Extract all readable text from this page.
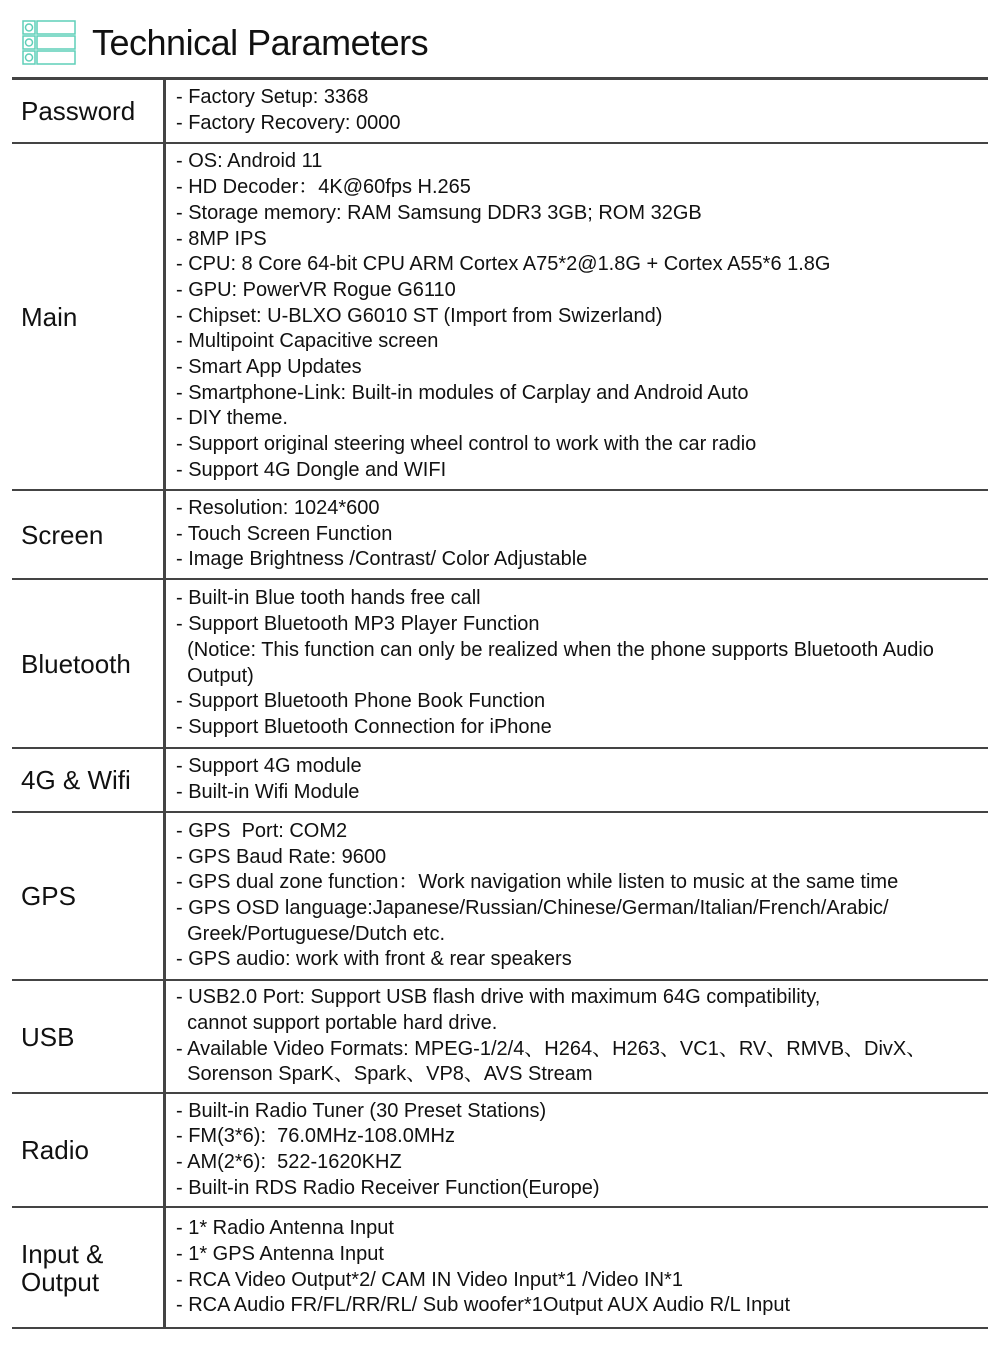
Technical Parameters
Password	- Factory Setup: 3368
- Factory Recovery: 0000
Main
- OS: Android 11
- HD Decoder：4K@60fps H.265
- Storage memory: RAM Samsung DDR3 3GB; ROM 32GB
- 8MP IPS
- CPU: 8 Core 64-bit CPU ARM Cortex A75*2@1.8G + Cortex A55*6 1.8G
- GPU: PowerVR Rogue G6110
- Chipset: U-BLXO G6010 ST (Import from Swizerland)
- Multipoint Capacitive screen
- Smart App Updates
- Smartphone-Link: Built-in modules of Carplay and Android Auto
- DIY theme.
- Support original steering wheel control to work with the car radio
- Support 4G Dongle and WIFI
Screen
- Resolution: 1024*600
- Touch Screen Function
- Image Brightness /Contrast/ Color Adjustable
Bluetooth
- Built-in Blue tooth hands free call
- Support Bluetooth MP3 Player Function
(Notice: This function can only be realized when the phone supports Bluetooth Audio
Output)
- Support Bluetooth Phone Book Function
- Support Bluetooth Connection for iPhone
4G & Wifi	- Support 4G module
- Built-in Wifi Module
GPS
- GPS  Port: COM2
- GPS Baud Rate: 9600
- GPS dual zone function：Work navigation while listen to music at the same time
- GPS OSD language:Japanese/Russian/Chinese/German/Italian/French/Arabic/
Greek/Portuguese/Dutch etc.
- GPS audio: work with front & rear speakers
USB
- USB2.0 Port: Support USB flash drive with maximum 64G compatibility,
cannot support portable hard drive.
- Available Video Formats: MPEG-1/2/4、H264、H263、VC1、RV、RMVB、DivX、
Sorenson SparK、Spark、VP8、AVS Stream
Radio
- Built-in Radio Tuner (30 Preset Stations)
- FM(3*6):  76.0MHz-108.0MHz
- AM(2*6):  522-1620KHZ
- Built-in RDS Radio Receiver Function(Europe)
Input &
Output
- 1* Radio Antenna Input
- 1* GPS Antenna Input
- RCA Video Output*2/ CAM IN Video Input*1 /Video IN*1
- RCA Audio FR/FL/RR/RL/ Sub woofer*1Output AUX Audio R/L Input
